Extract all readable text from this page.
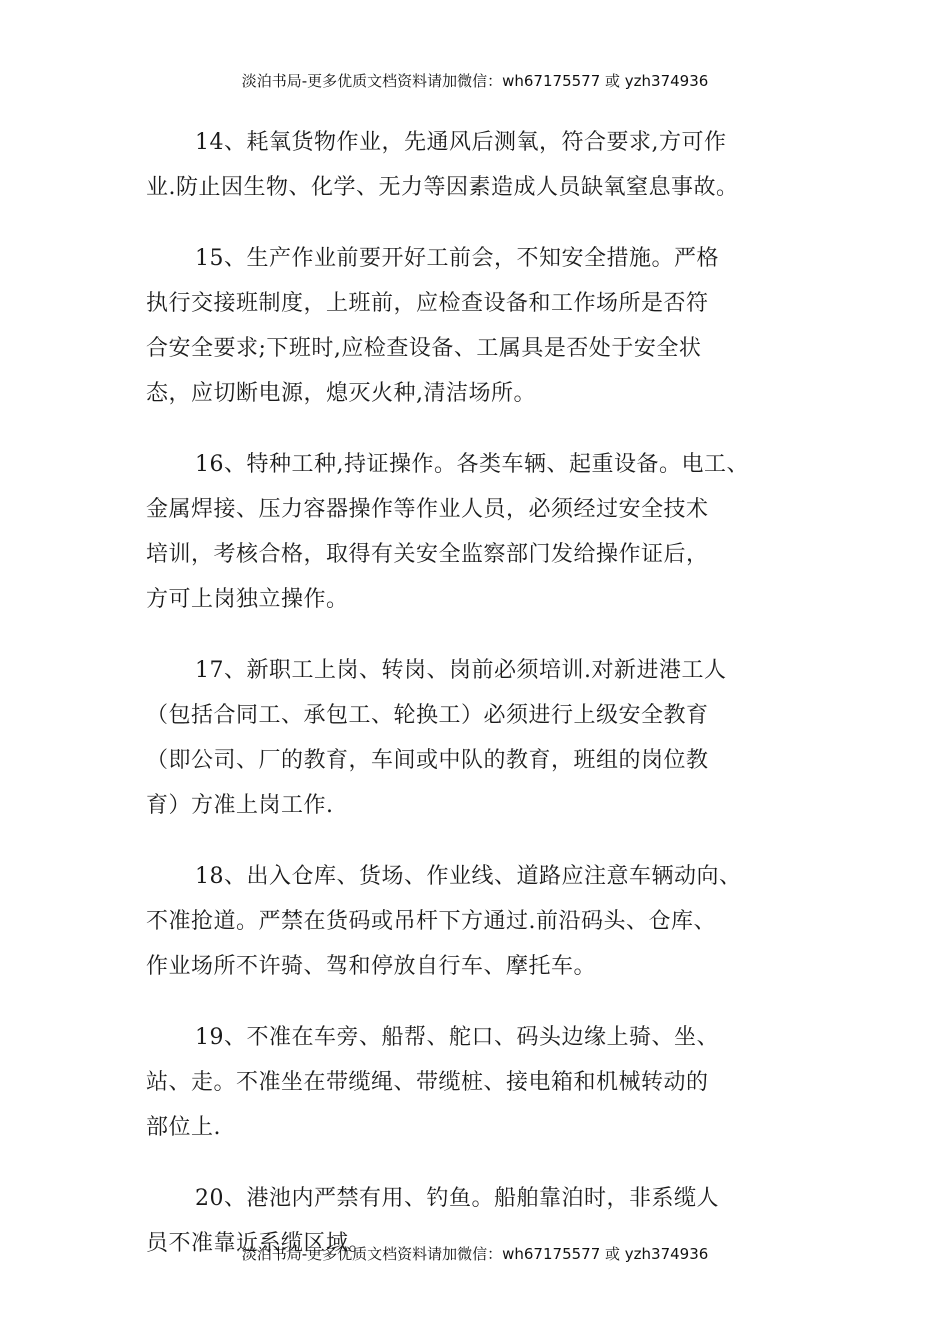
淡泊书局-更多优质文档资料请加微信：wh67175577 或 yzh374936
14、耗氧货物作业，先通风后测氧，符合要求,方可作
业.防止因生物、化学、无力等因素造成人员缺氧窒息事故。
15、生产作业前要开好工前会，不知安全措施。严格
执行交接班制度，上班前，应检查设备和工作场所是否符
合安全要求;下班时,应检查设备、工属具是否处于安全状
态，应切断电源，熄灭火种,清洁场所。
16、特种工种,持证操作。各类车辆、起重设备。电工、
金属焊接、压力容器操作等作业人员，必须经过安全技术
培训，考核合格，取得有关安全监察部门发给操作证后，
方可上岗独立操作。
17、新职工上岗、转岗、岗前必须培训.对新进港工人
（包括合同工、承包工、轮换工）必须进行上级安全教育
（即公司、厂的教育，车间或中队的教育，班组的岗位教
育）方准上岗工作.
18、出入仓库、货场、作业线、道路应注意车辆动向、
不准抢道。严禁在货码或吊杆下方通过.前沿码头、仓库、
作业场所不许骑、驾和停放自行车、摩托车。
19、不准在车旁、船帮、舵口、码头边缘上骑、坐、
站、走。不准坐在带缆绳、带缆桩、接电箱和机械转动的
部位上.
20、港池内严禁有用、钓鱼。船舶靠泊时，非系缆人
员不准靠近系缆区域。
淡泊书局-更多优质文档资料请加微信：wh67175577 或 yzh374936
